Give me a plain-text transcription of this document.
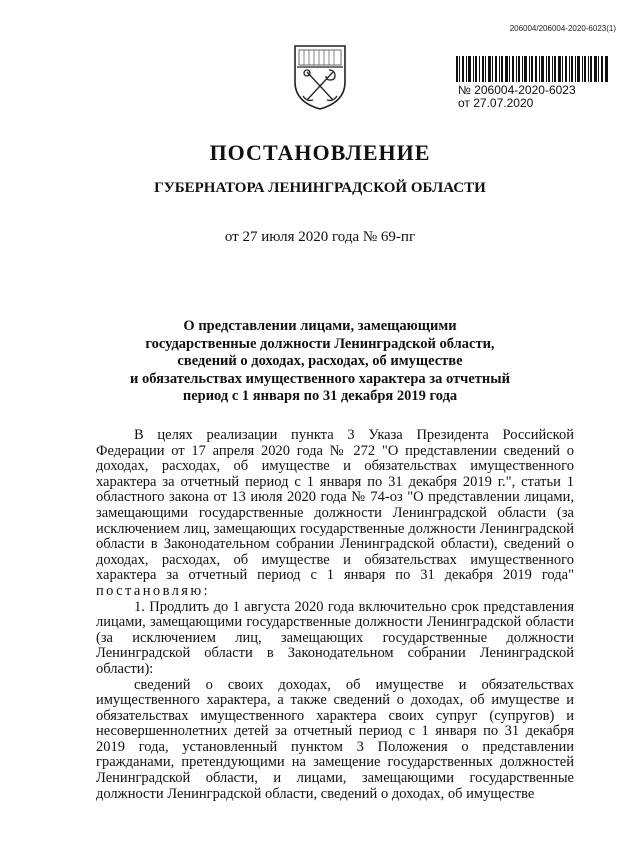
206004/206004-2020-6023(1)
№ 206004-2020-6023
от 27.07.2020
ПОСТАНОВЛЕНИЕ
ГУБЕРНАТОРА ЛЕНИНГРАДСКОЙ ОБЛАСТИ
от 27 июля 2020 года № 69-пг
О представлении лицами, замещающими
государственные должности Ленинградской области,
сведений о доходах, расходах, об имуществе
и обязательствах имущественного характера за отчетный
период с 1 января по 31 декабря 2019 года

В целях реализации пункта 3 Указа Президента Российской Федерации от 17 апреля 2020 года № 272 "О представлении сведений о доходах, расходах, об имуществе и обязательствах имущественного характера за отчетный период с 1 января по 31 декабря 2019 г.", статьи 1 областного закона от 13 июля 2020 года № 74-оз "О представлении лицами, замещающими государственные должности Ленинградской области (за исключением лиц, замещающих государственные должности Ленинградской области в Законодательном собрании Ленинградской области), сведений о доходах, расходах, об имуществе и обязательствах имущественного характера за отчетный период с 1 января по 31 декабря 2019 года" постановляю:

1. Продлить до 1 августа 2020 года включительно срок представления лицами, замещающими государственные должности Ленинградской области (за исключением лиц, замещающих государственные должности Ленинградской области в Законодательном собрании Ленинградской области):

сведений о своих доходах, об имуществе и обязательствах имущественного характера, а также сведений о доходах, об имуществе и обязательствах имущественного характера своих супруг (супругов) и несовершеннолетних детей за отчетный период с 1 января по 31 декабря 2019 года, установленный пунктом 3 Положения о представлении гражданами, претендующими на замещение государственных должностей Ленинградской области, и лицами, замещающими государственные должности Ленинградской области, сведений о доходах, об имуществе
